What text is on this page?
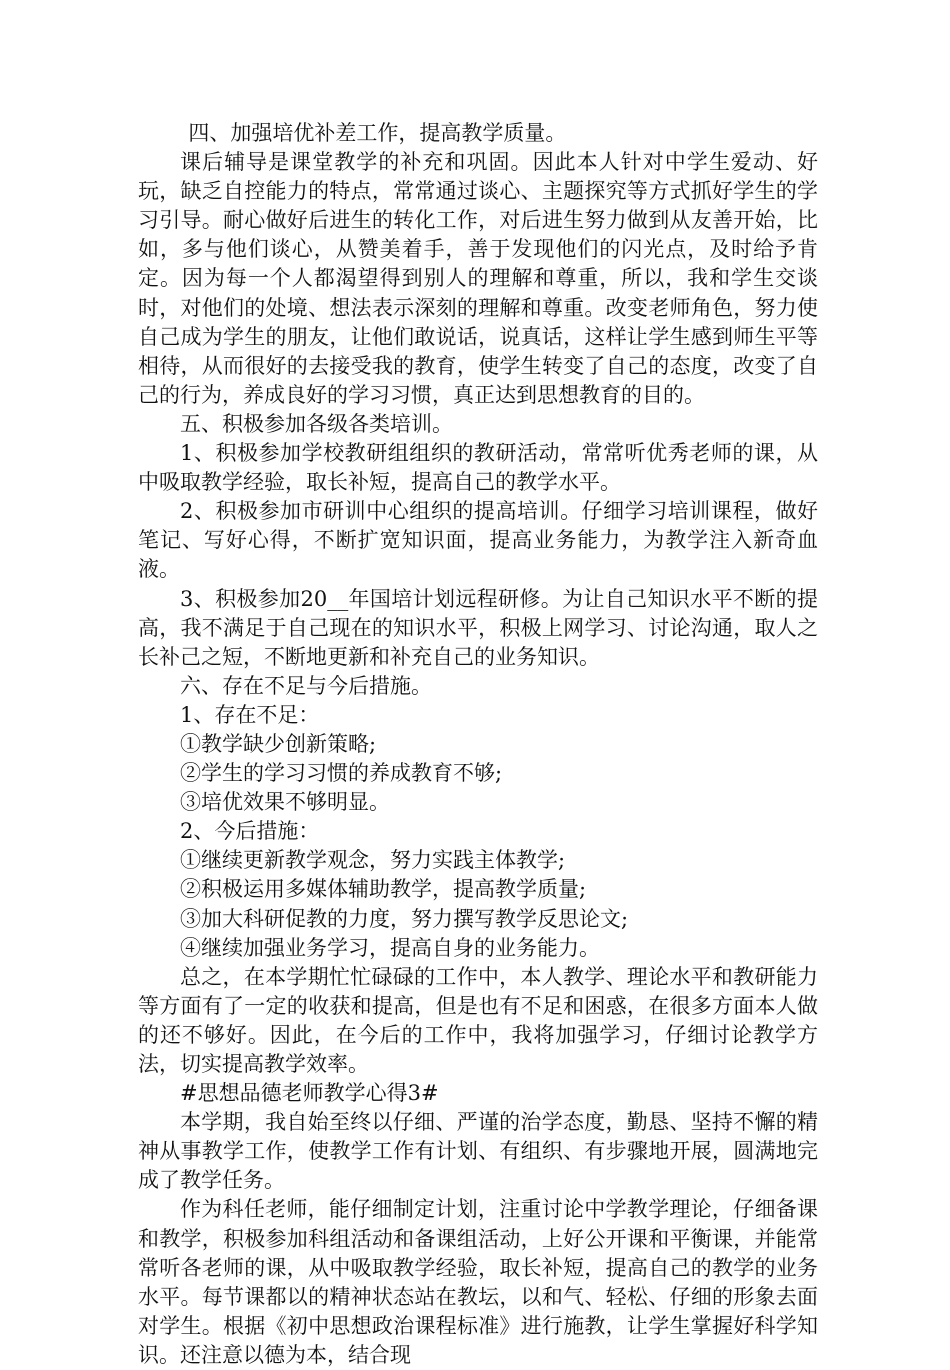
四、加强培优补差工作，提高教学质量。

课后辅导是课堂教学的补充和巩固。因此本人针对中学生爱动、好玩，缺乏自控能力的特点，常常通过谈心、主题探究等方式抓好学生的学习引导。耐心做好后进生的转化工作，对后进生努力做到从友善开始，比如，多与他们谈心，从赞美着手，善于发现他们的闪光点，及时给予肯定。因为每一个人都渴望得到别人的理解和尊重，所以，我和学生交谈时，对他们的处境、想法表示深刻的理解和尊重。改变老师角色，努力使自己成为学生的朋友，让他们敢说话，说真话，这样让学生感到师生平等相待，从而很好的去接受我的教育，使学生转变了自己的态度，改变了自己的行为，养成良好的学习习惯，真正达到思想教育的目的。

五、积极参加各级各类培训。

1、积极参加学校教研组组织的教研活动，常常听优秀老师的课，从中吸取教学经验，取长补短，提高自己的教学水平。

2、积极参加市研训中心组织的提高培训。仔细学习培训课程，做好笔记、写好心得，不断扩宽知识面，提高业务能力，为教学注入新奇血液。

3、积极参加20__年国培计划远程研修。为让自己知识水平不断的提高，我不满足于自己现在的知识水平，积极上网学习、讨论沟通，取人之长补己之短，不断地更新和补充自己的业务知识。

六、存在不足与今后措施。

1、存在不足：

①教学缺少创新策略;

②学生的学习习惯的养成教育不够;

③培优效果不够明显。

2、今后措施：

①继续更新教学观念，努力实践主体教学;

②积极运用多媒体辅助教学，提高教学质量;

③加大科研促教的力度，努力撰写教学反思论文;

④继续加强业务学习，提高自身的业务能力。

总之，在本学期忙忙碌碌的工作中，本人教学、理论水平和教研能力等方面有了一定的收获和提高，但是也有不足和困惑，在很多方面本人做的还不够好。因此，在今后的工作中，我将加强学习，仔细讨论教学方法，切实提高教学效率。

#思想品德老师教学心得3#

本学期，我自始至终以仔细、严谨的治学态度，勤恳、坚持不懈的精神从事教学工作，使教学工作有计划、有组织、有步骤地开展，圆满地完成了教学任务。

作为科任老师，能仔细制定计划，注重讨论中学教学理论，仔细备课和教学，积极参加科组活动和备课组活动，上好公开课和平衡课，并能常常听各老师的课，从中吸取教学经验，取长补短，提高自己的教学的业务水平。每节课都以的精神状态站在教坛，以和气、轻松、仔细的形象去面对学生。根据《初中思想政治课程标准》进行施教，让学生掌握好科学知识。还注意以德为本，结合现
